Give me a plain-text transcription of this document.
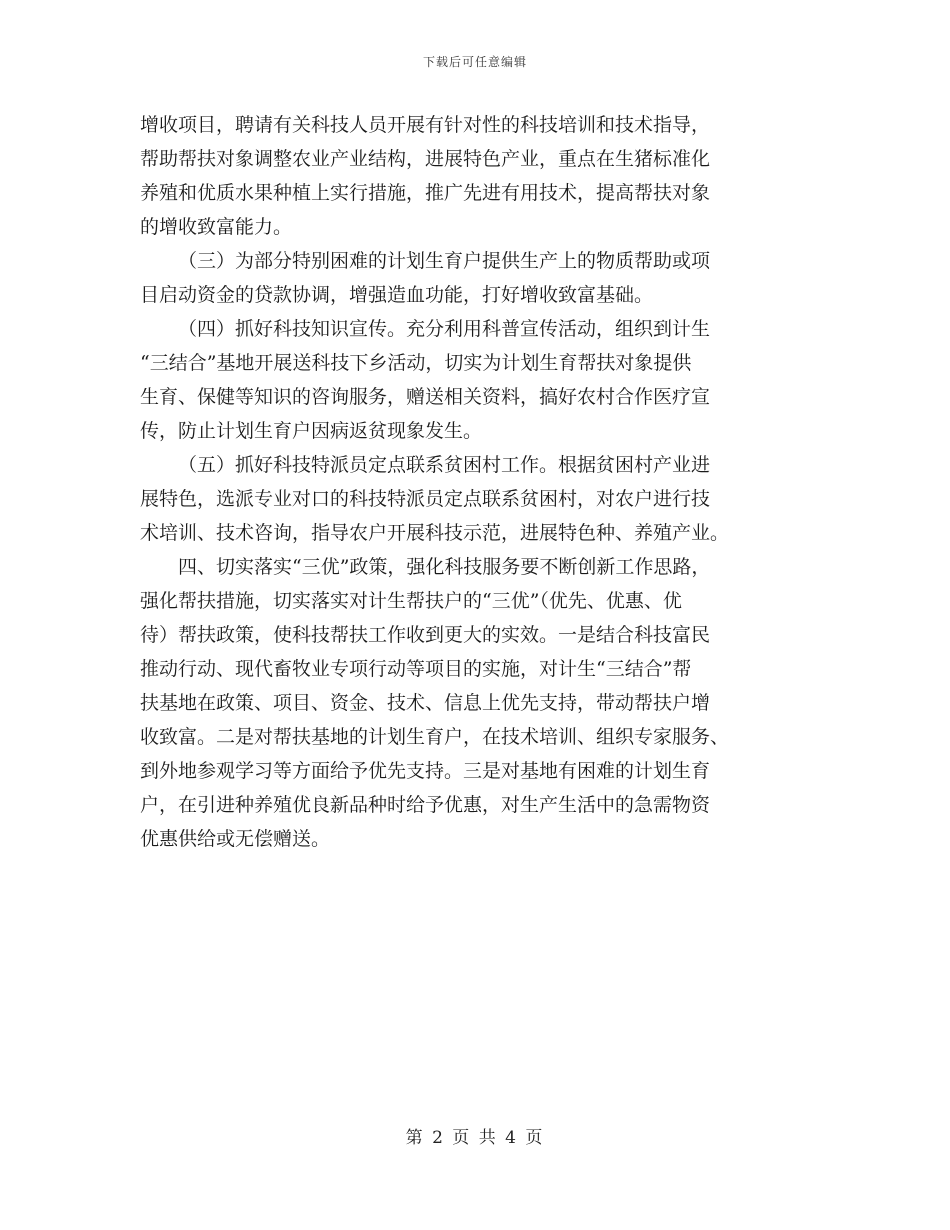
下载后可任意编辑

增收项目，聘请有关科技人员开展有针对性的科技培训和技术指导，

帮助帮扶对象调整农业产业结构，进展特色产业，重点在生猪标准化

养殖和优质水果种植上实行措施，推广先进有用技术，提高帮扶对象

的增收致富能力。

（三）为部分特别困难的计划生育户提供生产上的物质帮助或项

目启动资金的贷款协调，增强造血功能，打好增收致富基础。

（四）抓好科技知识宣传。充分利用科普宣传活动，组织到计生

“三结合”基地开展送科技下乡活动，切实为计划生育帮扶对象提供

生育、保健等知识的咨询服务，赠送相关资料，搞好农村合作医疗宣

传，防止计划生育户因病返贫现象发生。

（五）抓好科技特派员定点联系贫困村工作。根据贫困村产业进

展特色，选派专业对口的科技特派员定点联系贫困村，对农户进行技

术培训、技术咨询，指导农户开展科技示范，进展特色种、养殖产业。

四、切实落实“三优”政策，强化科技服务要不断创新工作思路，

强化帮扶措施，切实落实对计生帮扶户的“三优”（优先、优惠、优

待）帮扶政策，使科技帮扶工作收到更大的实效。一是结合科技富民

推动行动、现代畜牧业专项行动等项目的实施，对计生“三结合”帮

扶基地在政策、项目、资金、技术、信息上优先支持，带动帮扶户增

收致富。二是对帮扶基地的计划生育户，在技术培训、组织专家服务、

到外地参观学习等方面给予优先支持。三是对基地有困难的计划生育

户，在引进种养殖优良新品种时给予优惠，对生产生活中的急需物资

优惠供给或无偿赠送。

第 2 页 共 4 页
